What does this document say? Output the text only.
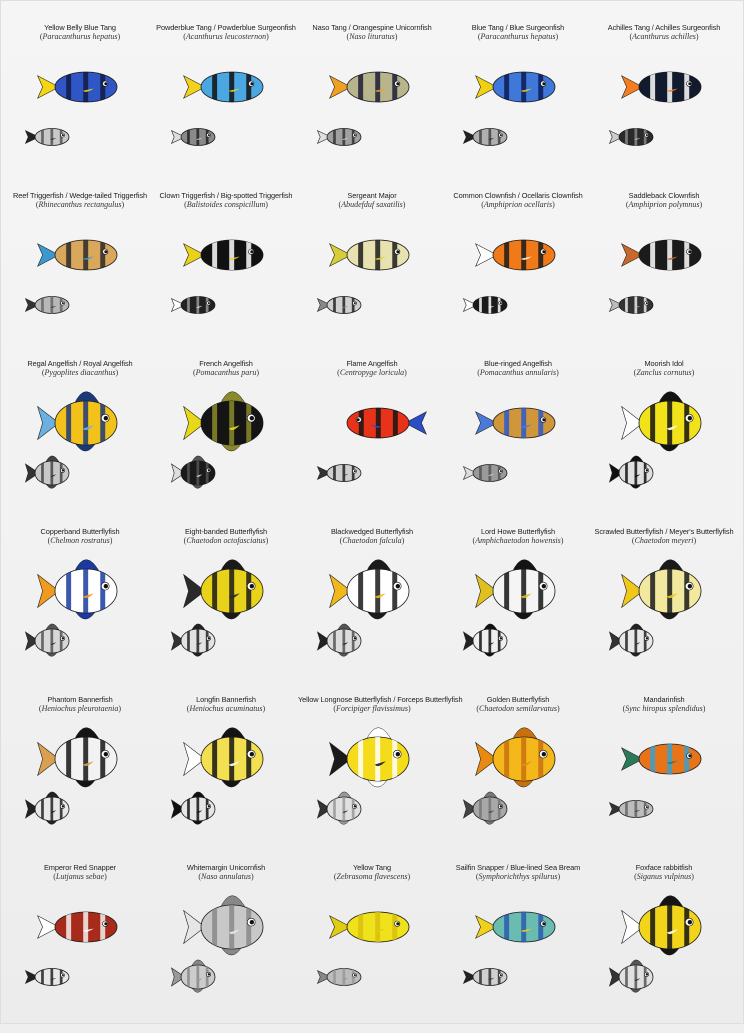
Yellow Belly Blue Tang
(Paracanthurus hepatus)
Powderblue Tang / Powderblue Surgeonfish
(Acanthurus leucosternon)
Naso Tang / Orangespine Unicornfish
(Naso lituratus)
Blue Tang / Blue Surgeonfish
(Paracanthurus hepatus)
Achilles Tang / Achilles Surgeonfish
(Acanthurus achilles)
Reef Triggerfish / Wedge-tailed Triggerfish
(Rhinecanthus rectangulus)
Clown Triggerfish / Big-spotted Triggerfish
(Balistoides conspicillum)
Sergeant Major
(Abudefduf saxatilis)
Common Clownfish / Ocellaris Clownfish
(Amphiprion ocellaris)
Saddleback Clownfish
(Amphiprion polymnus)
Regal Angelfish / Royal Angelfish
(Pygoplites diacanthus)
French Angelfish
(Pomacanthus paru)
Flame Angelfish
(Centropyge loricula)
Blue-ringed Angelfish
(Pomacanthus annularis)
Moorish Idol
(Zanclus cornutus)
Copperband Butterflyfish
(Chelmon rostratus)
Eight-banded Butterflyfish
(Chaetodon octofasciatus)
Blackwedged Butterflyfish
(Chaetodon falcula)
Lord Howe Butterflyfish
(Amphichaetodon howensis)
Scrawled Butterflyfish / Meyer's Butterflyfish
(Chaetodon meyeri)
Phantom Bannerfish
(Heniochus pleurotaenia)
Longfin Bannerfish
(Heniochus acuminatus)
Yellow Longnose Butterflyfish / Forceps Butterflyfish
(Forcipiger flavissimus)
Golden Butterflyfish
(Chaetodon semilarvatus)
Mandarinfish
(Sync hiropus splendidus)
Emperor Red Snapper
(Lutjanus sebae)
Whitemargin Unicornfish
(Naso annulatus)
Yellow Tang
(Zebrasoma flavescens)
Sailfin Snapper / Blue-lined Sea Bream
(Symphorichthys spilurus)
Foxface rabbitfish
(Siganus vulpinus)
